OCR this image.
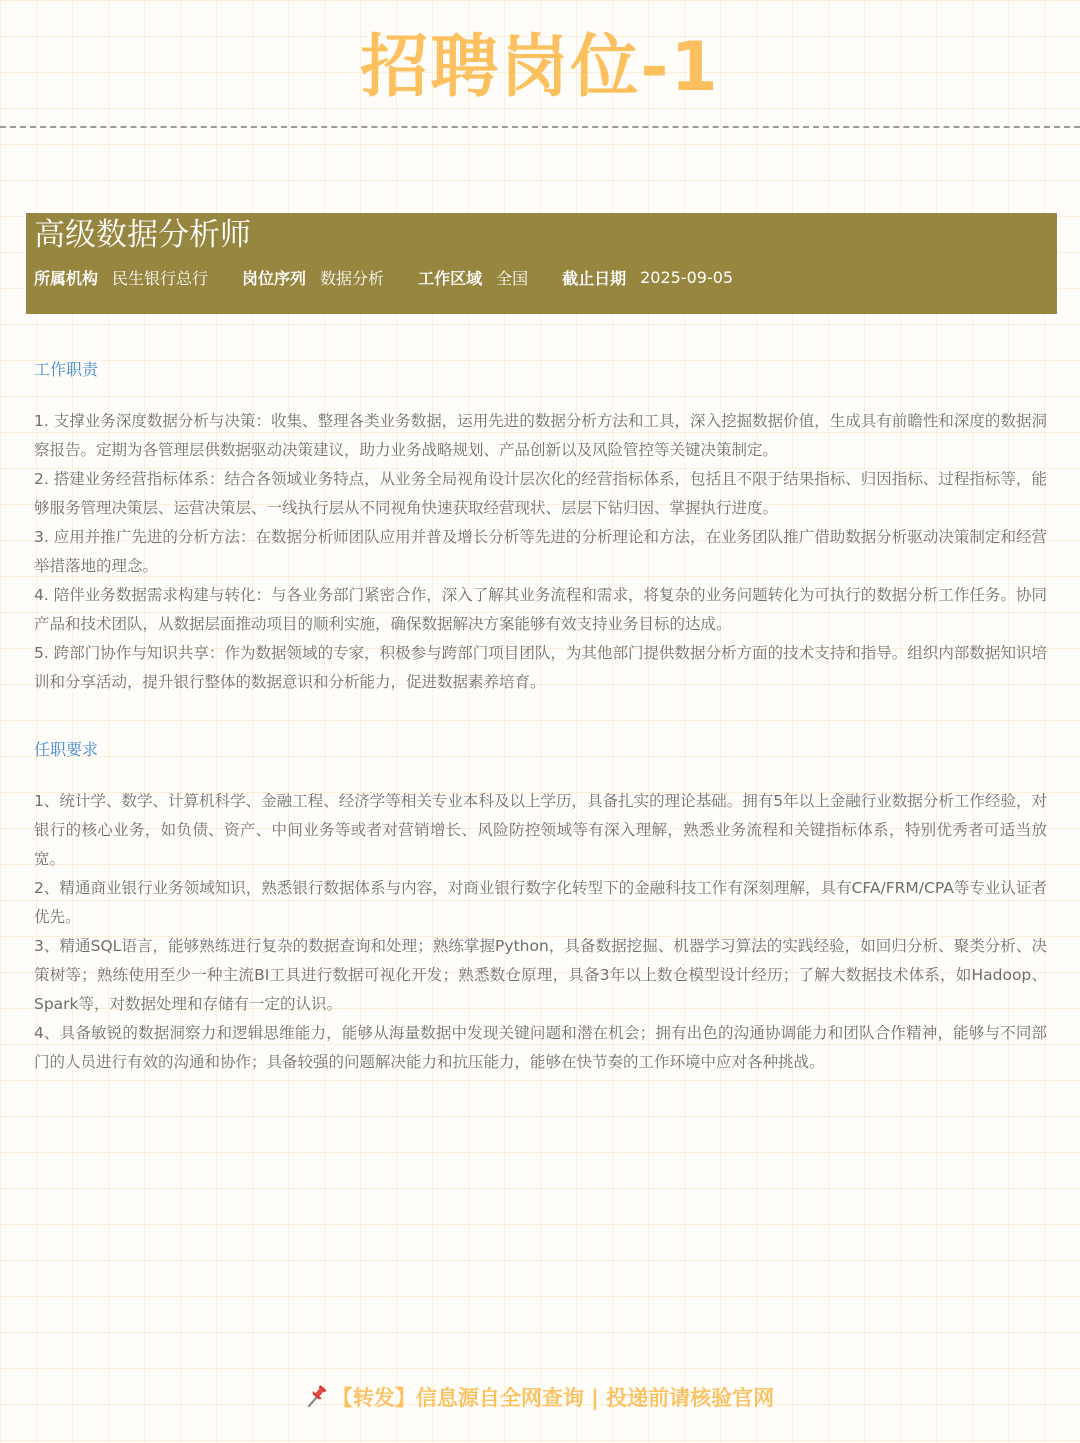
招聘岗位-1
高级数据分析师
所属机构 民生银行总行 岗位序列 数据分析 工作区域 全国 截止日期 2025-09-05
工作职责

1. 支撑业务深度数据分析与决策：收集、整理各类业务数据，运用先进的数据分析方法和工具，深入挖掘数据价值，生成具有前瞻性和深度的数据洞察报告。定期为各管理层供数据驱动决策建议，助力业务战略规划、产品创新以及风险管控等关键决策制定。

2. 搭建业务经营指标体系：结合各领域业务特点，从业务全局视角设计层次化的经营指标体系，包括且不限于结果指标、归因指标、过程指标等，能够服务管理决策层、运营决策层、一线执行层从不同视角快速获取经营现状、层层下钻归因、掌握执行进度。

3. 应用并推广先进的分析方法：在数据分析师团队应用并普及增长分析等先进的分析理论和方法，在业务团队推广借助数据分析驱动决策制定和经营举措落地的理念。

4. 陪伴业务数据需求构建与转化：与各业务部门紧密合作，深入了解其业务流程和需求，将复杂的业务问题转化为可执行的数据分析工作任务。协同产品和技术团队，从数据层面推动项目的顺利实施，确保数据解决方案能够有效支持业务目标的达成。

5. 跨部门协作与知识共享：作为数据领域的专家，积极参与跨部门项目团队，为其他部门提供数据分析方面的技术支持和指导。组织内部数据知识培训和分享活动，提升银行整体的数据意识和分析能力，促进数据素养培育。

任职要求

1、统计学、数学、计算机科学、金融工程、经济学等相关专业本科及以上学历，具备扎实的理论基础。拥有5年以上金融行业数据分析工作经验，对银行的核心业务，如负债、资产、中间业务等或者对营销增长、风险防控领域等有深入理解，熟悉业务流程和关键指标体系，特别优秀者可适当放宽。

2、精通商业银行业务领域知识，熟悉银行数据体系与内容，对商业银行数字化转型下的金融科技工作有深刻理解，具有CFA/FRM/CPA等专业认证者优先。

3、精通SQL语言，能够熟练进行复杂的数据查询和处理；熟练掌握Python，具备数据挖掘、机器学习算法的实践经验，如回归分析、聚类分析、决策树等；熟练使用至少一种主流BI工具进行数据可视化开发；熟悉数仓原理，具备3年以上数仓模型设计经历；了解大数据技术体系，如Hadoop、Spark等，对数据处理和存储有一定的认识。

4、具备敏锐的数据洞察力和逻辑思维能力，能够从海量数据中发现关键问题和潜在机会；拥有出色的沟通协调能力和团队合作精神，能够与不同部门的人员进行有效的沟通和协作；具备较强的问题解决能力和抗压能力，能够在快节奏的工作环境中应对各种挑战。

【转发】信息源自全网查询 | 投递前请核验官网
